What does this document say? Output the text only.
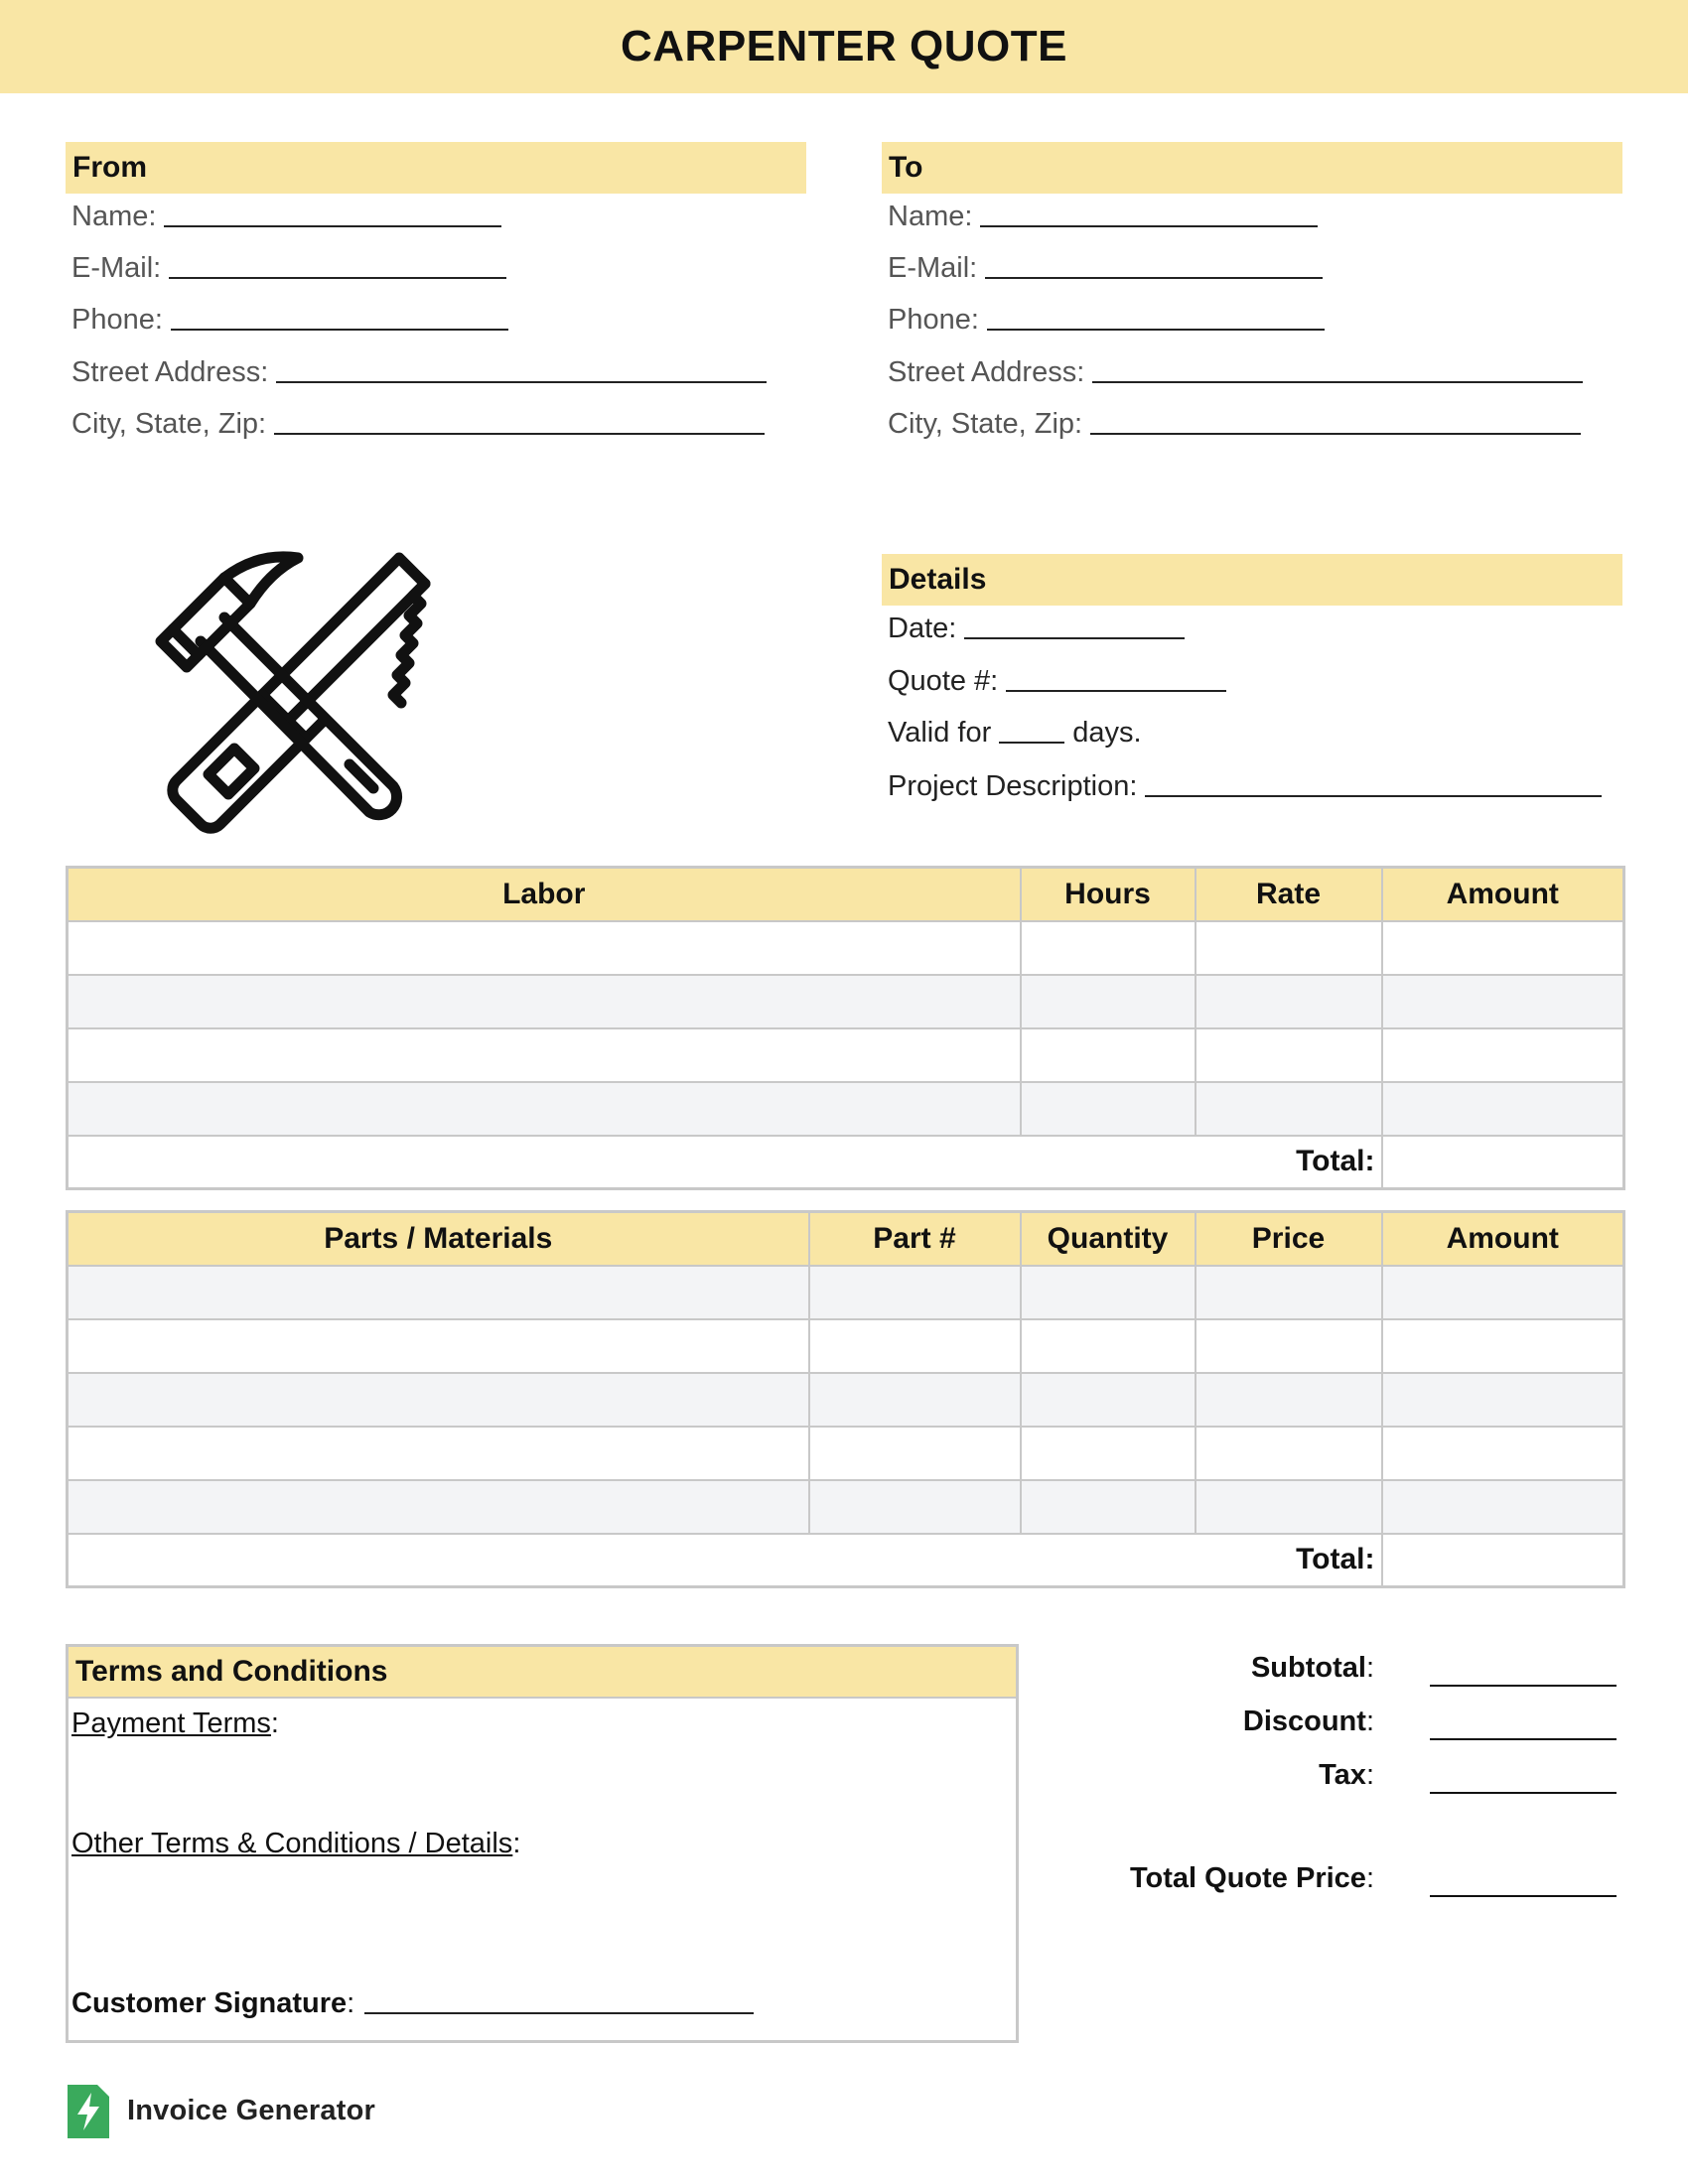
CARPENTER QUOTE
From
Name:
E-Mail:
Phone:
Street Address:
City, State, Zip:
To
Name:
E-Mail:
Phone:
Street Address:
City, State, Zip:
Details
Date:
Quote #:
Valid for	days.
Project Description:
Labor	Hours	Rate	Amount

Total:			
Parts / Materials	Part #	Quantity	Price	Amount

Total:				
Terms and Conditions
Payment Terms:
Other Terms & Conditions / Details:
Customer Signature :
Subtotal:
Discount:
Tax:
Total Quote Price:
Invoice Generator
